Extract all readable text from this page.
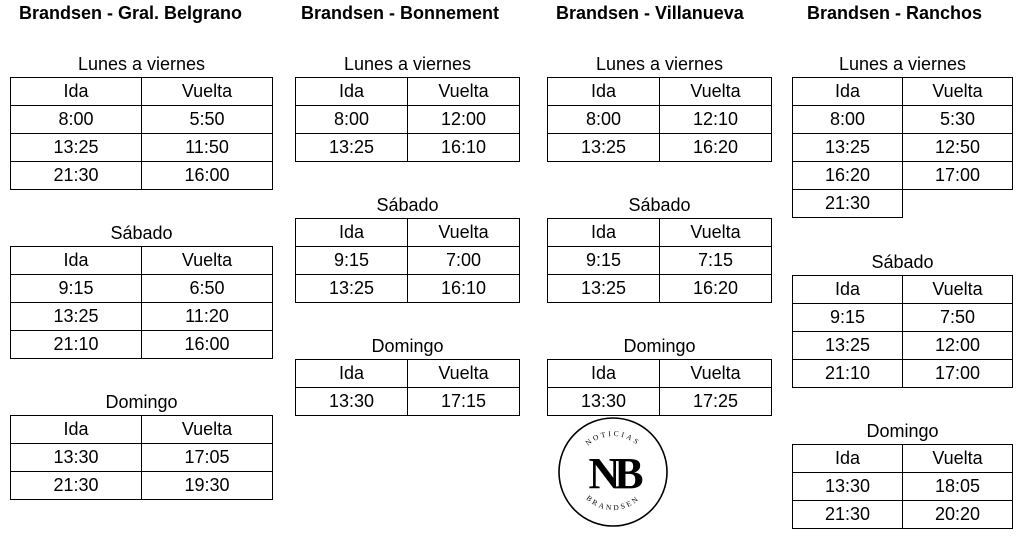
Brandsen - Gral. Belgrano	Brandsen - Bonnement	Brandsen - Villanueva	Brandsen - Ranchos
Lunes a viernes
Ida	Vuelta
8:00	5:50
13:25	11:50
21:30	16:00
Sábado
Ida	Vuelta
9:15	6:50
13:25	11:20
21:10	16:00
Domingo
Ida	Vuelta
13:30	17:05
21:30	19:30
Lunes a viernes
Ida	Vuelta
8:00	12:00
13:25	16:10
Sábado
Ida	Vuelta
9:15	7:00
13:25	16:10
Domingo
Ida	Vuelta
13:30	17:15
Lunes a viernes
Ida	Vuelta
8:00	12:10
13:25	16:20
Sábado
Ida	Vuelta
9:15	7:15
13:25	16:20
Domingo
Ida	Vuelta
13:30	17:25
Lunes a viernes
Ida	Vuelta
8:00	5:30
13:25	12:50
16:20	17:00
21:30	
Sábado
Ida	Vuelta
9:15	7:50
13:25	12:00
21:10	17:00
Domingo
Ida	Vuelta
13:30	18:05
21:30	20:20
NOTICIAS
BRANDSEN
NB
